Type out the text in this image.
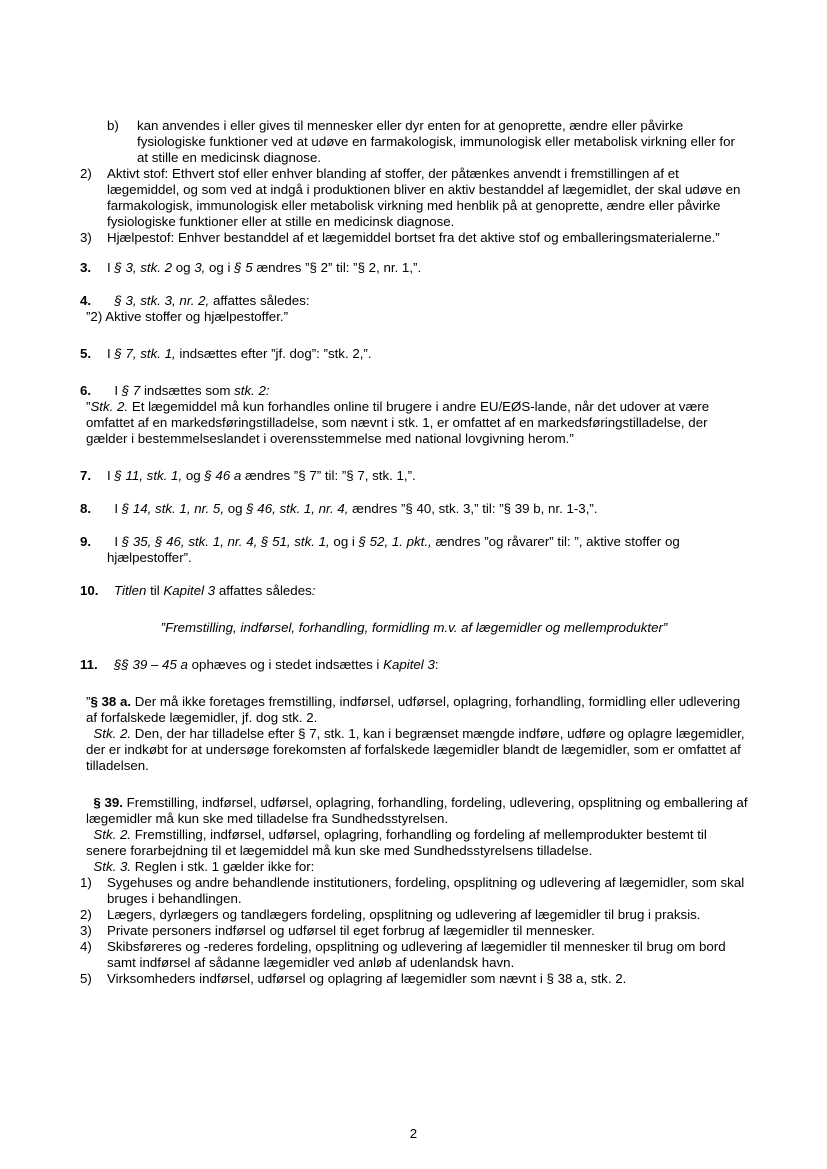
b)	kan anvendes i eller gives til mennesker eller dyr enten for at genoprette, ændre eller påvirke fysiologiske funktioner ved at udøve en farmakologisk, immunologisk eller metabolisk virkning eller for at stille en medicinsk diagnose.
2)	Aktivt stof: Ethvert stof eller enhver blanding af stoffer, der påtænkes anvendt i fremstillingen af et lægemiddel, og som ved at indgå i produktionen bliver en aktiv bestanddel af lægemidlet, der skal udøve en farmakologisk, immunologisk eller metabolisk virkning med henblik på at genoprette, ændre eller påvirke fysiologiske funktioner eller at stille en medicinsk diagnose.
3)	Hjælpestof: Enhver bestanddel af et lægemiddel bortset fra det aktive stof og emballeringsmaterialerne.”
3.	I § 3, stk. 2 og 3, og i § 5 ændres ”§ 2” til: ”§ 2, nr. 1,”.
4.	§ 3, stk. 3, nr. 2, affattes således:
”2) Aktive stoffer og hjælpestoffer.”
5.	I § 7, stk. 1, indsættes efter ”jf. dog”: ”stk. 2,”.
6.	I § 7 indsættes som stk. 2:
”Stk. 2. Et lægemiddel må kun forhandles online til brugere i andre EU/EØS-lande, når det udover at være omfattet af en markedsføringstilladelse, som nævnt i stk. 1, er omfattet af en markedsføringstilladelse, der gælder i bestemmelseslandet i overensstemmelse med national lovgivning herom.”
7.	I § 11, stk. 1, og § 46 a ændres ”§ 7” til: ”§ 7, stk. 1,”.
8.	I § 14, stk. 1, nr. 5, og § 46, stk. 1, nr. 4, ændres ”§ 40, stk. 3,” til: ”§ 39 b, nr. 1-3,”.
9.	I § 35, § 46, stk. 1, nr. 4, § 51, stk. 1, og i § 52, 1. pkt., ændres ”og råvarer” til: ”, aktive stoffer og hjælpestoffer”.
10.	Titlen til Kapitel 3 affattes således:
”Fremstilling, indførsel, forhandling, formidling m.v. af lægemidler og mellemprodukter”
11.	§§ 39 – 45 a ophæves og i stedet indsættes i Kapitel 3:
”§ 38 a. Der må ikke foretages fremstilling, indførsel, udførsel, oplagring, forhandling, formidling eller udlevering af forfalskede lægemidler, jf. dog stk. 2.
Stk. 2. Den, der har tilladelse efter § 7, stk. 1, kan i begrænset mængde indføre, udføre og oplagre lægemidler, der er indkøbt for at undersøge forekomsten af forfalskede lægemidler blandt de lægemidler, som er omfattet af tilladelsen.
§ 39. Fremstilling, indførsel, udførsel, oplagring, forhandling, fordeling, udlevering, opsplitning og emballering af lægemidler må kun ske med tilladelse fra Sundhedsstyrelsen.
Stk. 2. Fremstilling, indførsel, udførsel, oplagring, forhandling og fordeling af mellemprodukter bestemt til senere forarbejdning til et lægemiddel må kun ske med Sundhedsstyrelsens tilladelse.
Stk. 3. Reglen i stk. 1 gælder ikke for:
1)	Sygehuses og andre behandlende institutioners, fordeling, opsplitning og udlevering af lægemidler, som skal bruges i behandlingen.
2)	Lægers, dyrlægers og tandlægers fordeling, opsplitning og udlevering af lægemidler til brug i praksis.
3)	Private personers indførsel og udførsel til eget forbrug af lægemidler til mennesker.
4)	Skibsføreres og -rederes fordeling, opsplitning og udlevering af lægemidler til mennesker til brug om bord samt indførsel af sådanne lægemidler ved anløb af udenlandsk havn.
5)	Virksomheders indførsel, udførsel og oplagring af lægemidler som nævnt i § 38 a, stk. 2.
2
